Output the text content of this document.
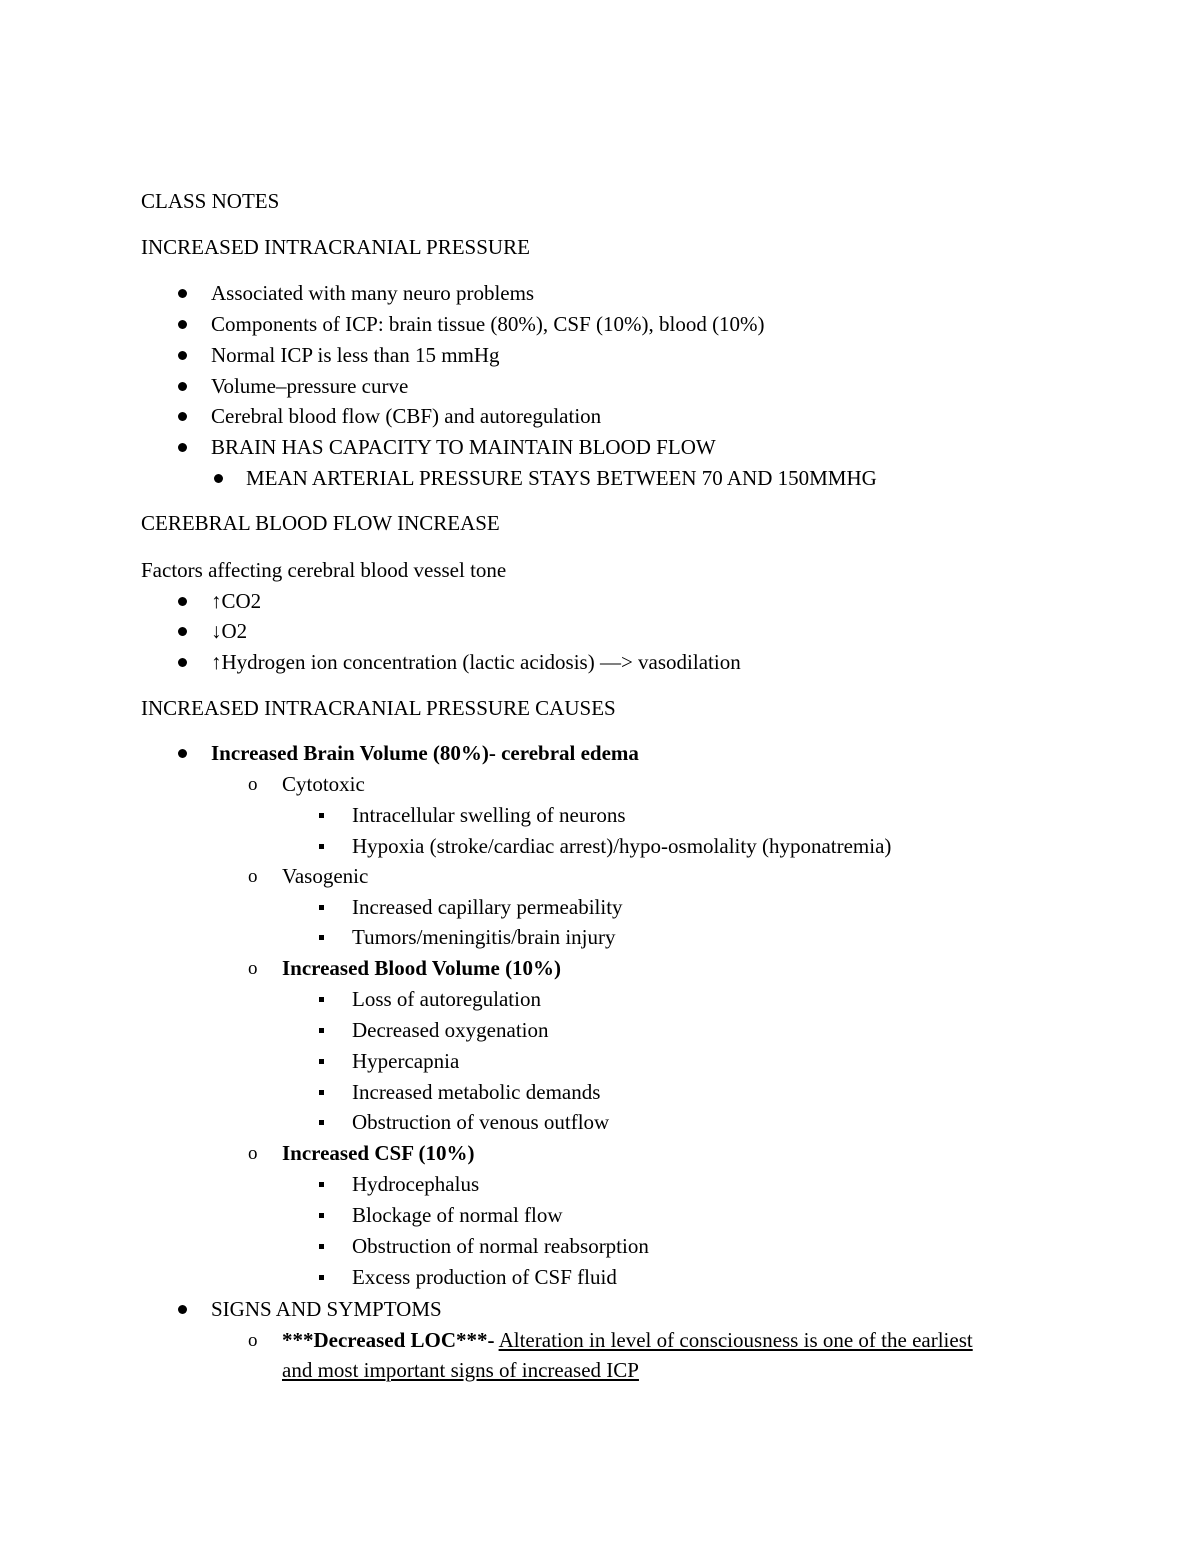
CLASS NOTES
INCREASED INTRACRANIAL PRESSURE
Associated with many neuro problems
Components of ICP: brain tissue (80%), CSF (10%), blood (10%)
Normal ICP is less than 15 mmHg
Volume–pressure curve
Cerebral blood flow (CBF) and autoregulation
BRAIN HAS CAPACITY TO MAINTAIN BLOOD FLOW
MEAN ARTERIAL PRESSURE STAYS BETWEEN 70 AND 150MMHG
CEREBRAL BLOOD FLOW INCREASE
Factors affecting cerebral blood vessel tone
↑CO2
↓O2
↑Hydrogen ion concentration (lactic acidosis) —> vasodilation
INCREASED INTRACRANIAL PRESSURE CAUSES
Increased Brain Volume (80%)- cerebral edema
o Cytotoxic
Intracellular swelling of neurons
Hypoxia (stroke/cardiac arrest)/hypo-osmolality (hyponatremia)
o Vasogenic
Increased capillary permeability
Tumors/meningitis/brain injury
o Increased Blood Volume (10%)
Loss of autoregulation
Decreased oxygenation
Hypercapnia
Increased metabolic demands
Obstruction of venous outflow
o Increased CSF (10%)
Hydrocephalus
Blockage of normal flow
Obstruction of normal reabsorption
Excess production of CSF fluid
SIGNS AND SYMPTOMS
o ***Decreased LOC***- Alteration in level of consciousness is one of the earliest
and most important signs of increased ICP
